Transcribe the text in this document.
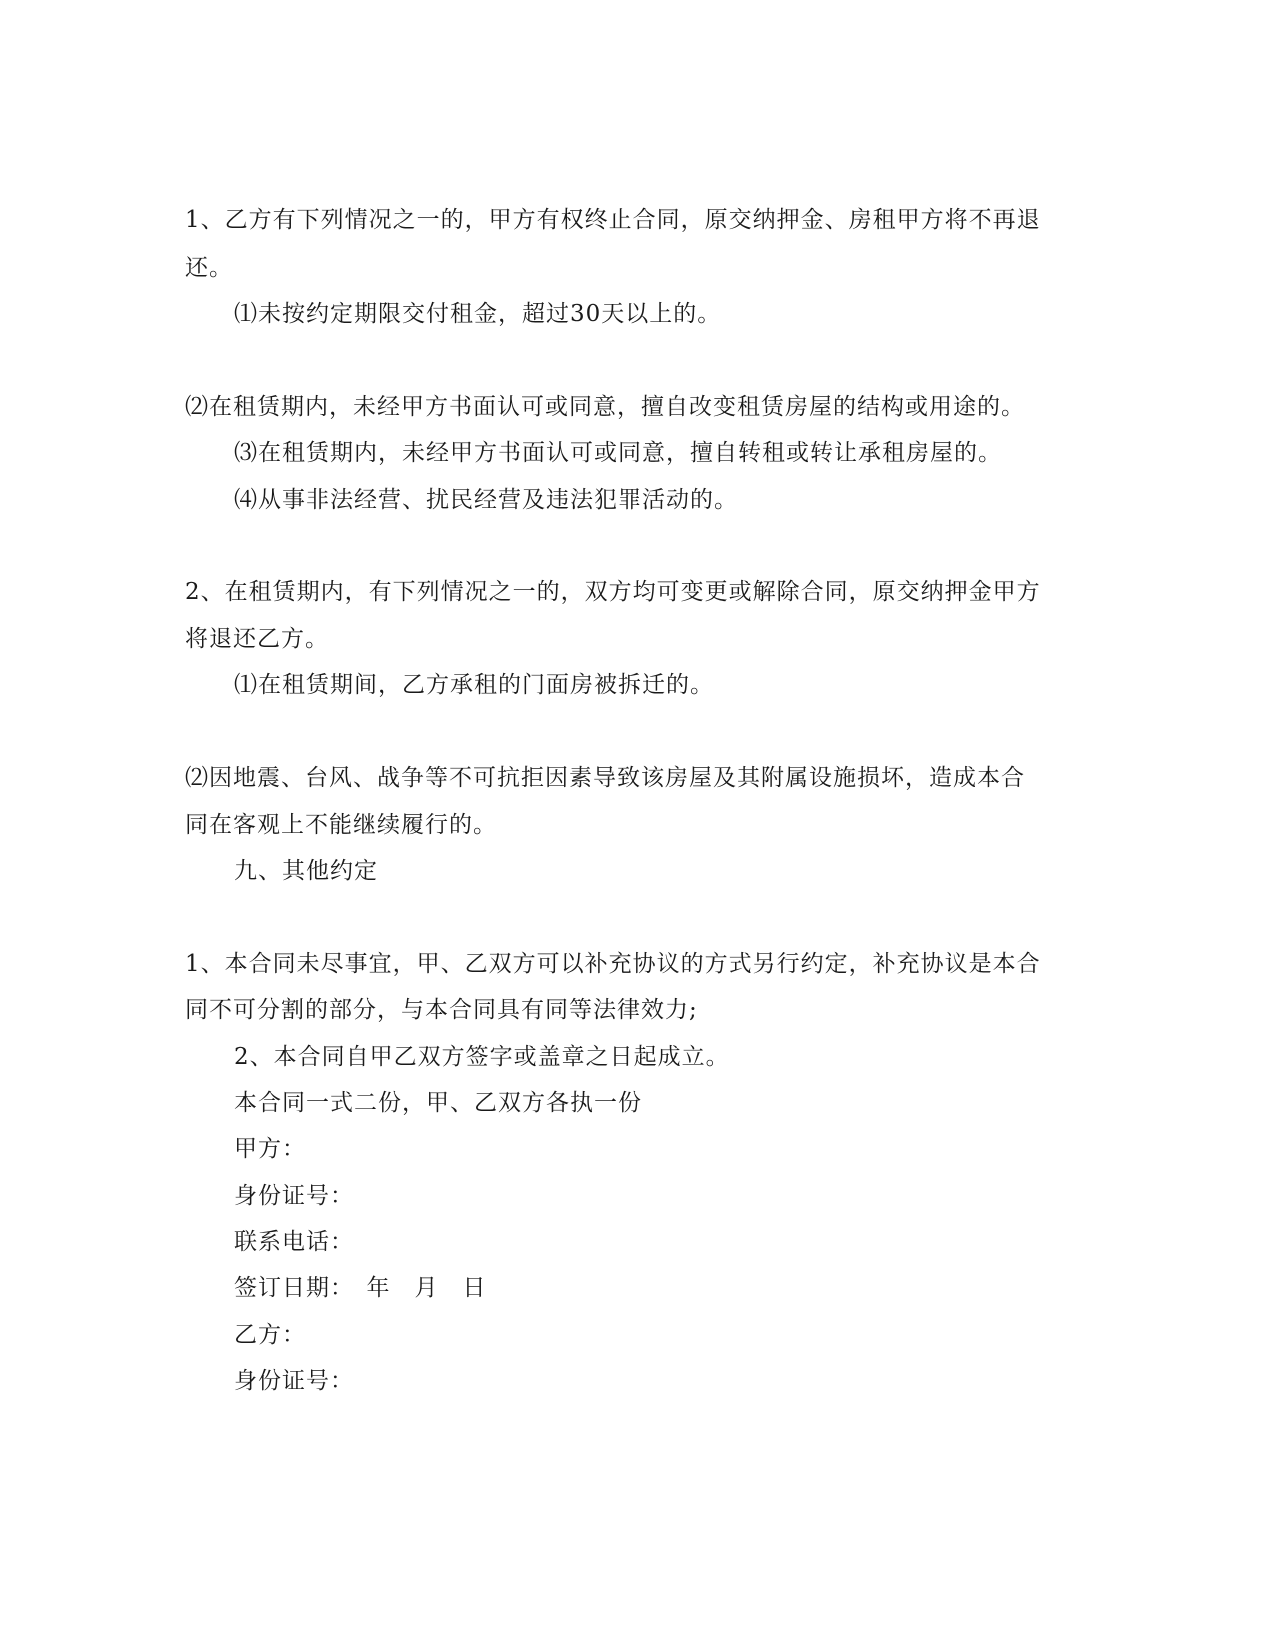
1、乙方有下列情况之一的，甲方有权终止合同，原交纳押金、房租甲方将不再退
还。
⑴未按约定期限交付租金，超过30天以上的。
⑵在租赁期内，未经甲方书面认可或同意，擅自改变租赁房屋的结构或用途的。
⑶在租赁期内，未经甲方书面认可或同意，擅自转租或转让承租房屋的。
⑷从事非法经营、扰民经营及违法犯罪活动的。
2、在租赁期内，有下列情况之一的，双方均可变更或解除合同，原交纳押金甲方
将退还乙方。
⑴在租赁期间，乙方承租的门面房被拆迁的。
⑵因地震、台风、战争等不可抗拒因素导致该房屋及其附属设施损坏，造成本合
同在客观上不能继续履行的。
九、其他约定
1、本合同未尽事宜，甲、乙双方可以补充协议的方式另行约定，补充协议是本合
同不可分割的部分，与本合同具有同等法律效力;
2、本合同自甲乙双方签字或盖章之日起成立。
本合同一式二份，甲、乙双方各执一份
甲方：
身份证号：
联系电话：
签订日期：　年　月　日
乙方：
身份证号：
